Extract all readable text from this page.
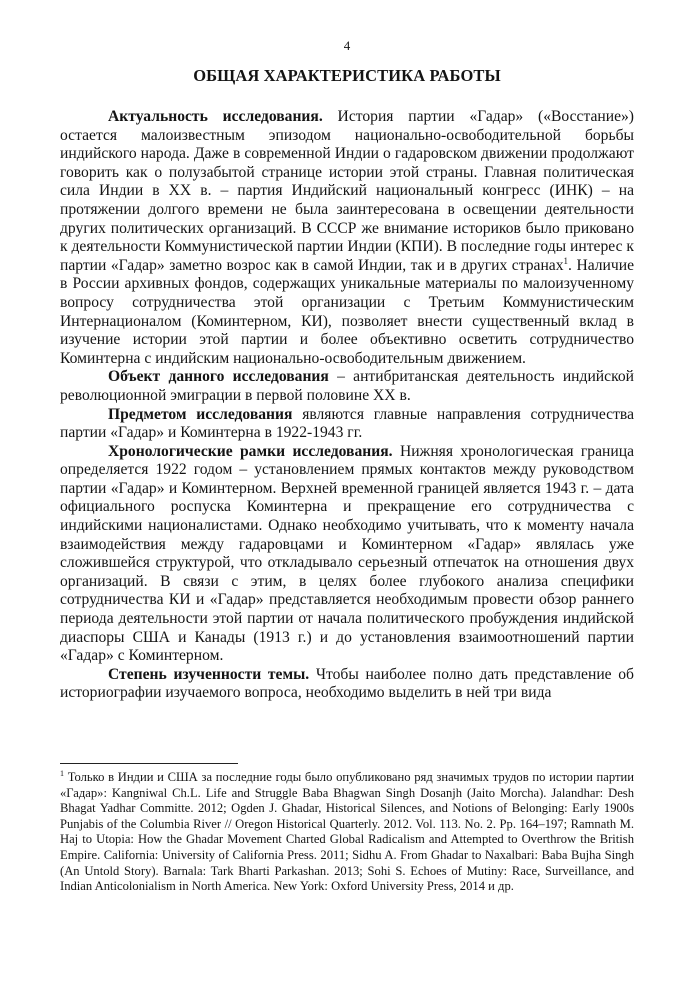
4
ОБЩАЯ ХАРАКТЕРИСТИКА РАБОТЫ

Актуальность исследования. История партии «Гадар» («Восстание») остается малоизвестным эпизодом национально-освободительной борьбы индийского народа. Даже в современной Индии о гадаровском движении продолжают говорить как о полузабытой странице истории этой страны. Главная политическая сила Индии в XX в. – партия Индийский национальный конгресс (ИНК) – на протяжении долгого времени не была заинтересована в освещении деятельности других политических организаций. В СССР же внимание историков было приковано к деятельности Коммунистической партии Индии (КПИ). В последние годы интерес к партии «Гадар» заметно возрос как в самой Индии, так и в других странах$^1$. Наличие в России архивных фондов, содержащих уникальные материалы по малоизученному вопросу сотрудничества этой организации с Третьим Коммунистическим Интернационалом (Коминтерном, КИ), позволяет внести существенный вклад в изучение истории этой партии и более объективно осветить сотрудничество Коминтерна с индийским национально-освободительным движением.

Объект данного исследования – антибританская деятельность индийской революционной эмиграции в первой половине XX в.

Предметом исследования являются главные направления сотрудничества партии «Гадар» и Коминтерна в 1922-1943 гг.

Хронологические рамки исследования. Нижняя хронологическая граница определяется 1922 годом – установлением прямых контактов между руководством партии «Гадар» и Коминтерном. Верхней временной границей является 1943 г. – дата официального роспуска Коминтерна и прекращение его сотрудничества с индийскими националистами. Однако необходимо учитывать, что к моменту начала взаимодействия между гадаровцами и Коминтерном «Гадар» являлась уже сложившейся структурой, что откладывало серьезный отпечаток на отношения двух организаций. В связи с этим, в целях более глубокого анализа специфики сотрудничества КИ и «Гадар» представляется необходимым провести обзор раннего периода деятельности этой партии от начала политического пробуждения индийской диаспоры США и Канады (1913 г.) и до установления взаимоотношений партии «Гадар» с Коминтерном.

Степень изученности темы. Чтобы наиболее полно дать представление об историографии изучаемого вопроса, необходимо выделить в ней три вида

$^1$ Только в Индии и США за последние годы было опубликовано ряд значимых трудов по истории партии «Гадар»: Kangniwal Ch.L. Life and Struggle Baba Bhagwan Singh Dosanjh (Jaito Morcha). Jalandhar: Desh Bhagat Yadhar Committe. 2012; Ogden J. Ghadar, Historical Silences, and Notions of Belonging: Early 1900s Punjabis of the Columbia River // Oregon Historical Quarterly. 2012. Vol. 113. No. 2. Pp. 164–197; Ramnath M. Haj to Utopia: How the Ghadar Movement Charted Global Radicalism and Attempted to Overthrow the British Empire. California: University of California Press. 2011; Sidhu A. From Ghadar to Naxalbari: Baba Bujha Singh (An Untold Story). Barnala: Tark Bharti Parkashan. 2013; Sohi S. Echoes of Mutiny: Race, Surveillance, and Indian Anticolonialism in North America. New York: Oxford University Press, 2014 и др.
